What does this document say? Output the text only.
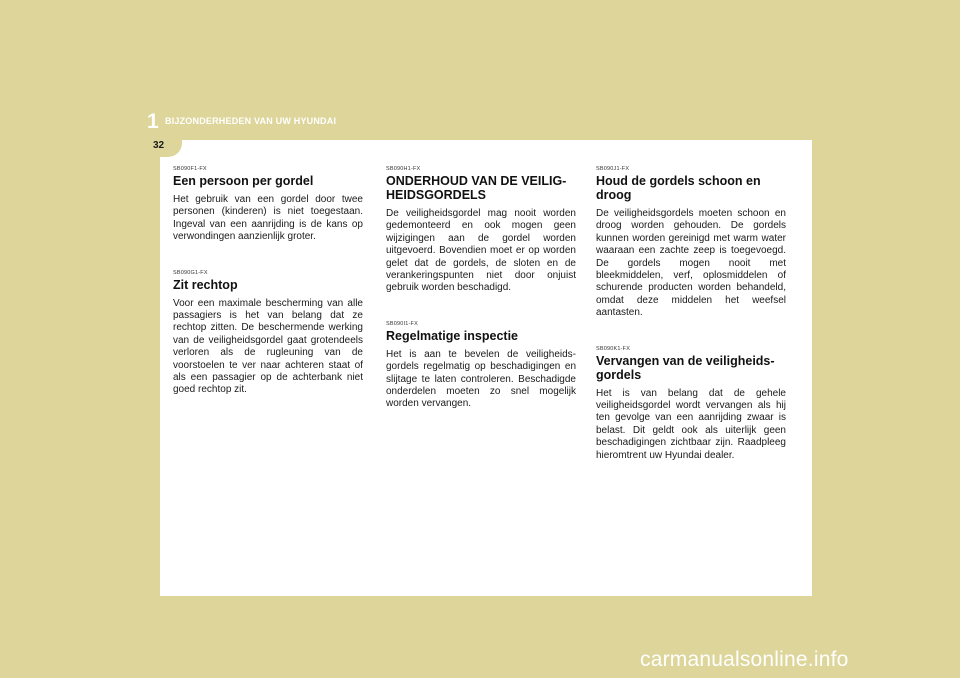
1 BIJZONDERHEDEN VAN UW HYUNDAI
32
SB090F1-FX
Een persoon per gordel

Het gebruik van een gordel door twee personen (kinderen) is niet toegestaan. Ingeval van een aanrijding is de kans op verwondingen aanzienlijk groter.

SB090G1-FX
Zit rechtop

Voor een maximale bescherming van alle passagiers is het van belang dat ze rechtop zitten. De beschermende werking van de veiligheidsgordel gaat grotendeels verloren als de rugleuning van de voorstoelen te ver naar achteren staat of als een passagier op de achterbank niet goed rechtop zit.

SB090H1-FX
ONDERHOUD VAN DE VEILIG-HEIDSGORDELS

De veiligheidsgordel mag nooit worden gedemonteerd en ook mogen geen wijzigingen aan de gordel worden uitgevoerd. Bovendien moet er op worden gelet dat de gordels, de sloten en de verankeringspunten niet door onjuist gebruik worden beschadigd.

SB090I1-FX
Regelmatige inspectie

Het is aan te bevelen de veiligheids-gordels regelmatig op beschadigingen en slijtage te laten controleren. Beschadigde onderdelen moeten zo snel mogelijk worden vervangen.

SB090J1-FX
Houd de gordels schoon en droog

De veiligheidsgordels moeten schoon en droog worden gehouden. De gordels kunnen worden gereinigd met warm water waaraan een zachte zeep is toegevoegd. De gordels mogen nooit met bleekmiddelen, verf, oplosmiddelen of schurende producten worden behandeld, omdat deze middelen het weefsel aantasten.

SB090K1-FX
Vervangen van de veiligheids-gordels

Het is van belang dat de gehele veiligheidsgordel wordt vervangen als hij ten gevolge van een aanrijding zwaar is belast. Dit geldt ook als uiterlijk geen beschadigingen zichtbaar zijn. Raadpleeg hieromtrent uw Hyundai dealer.

carmanualsonline.info
